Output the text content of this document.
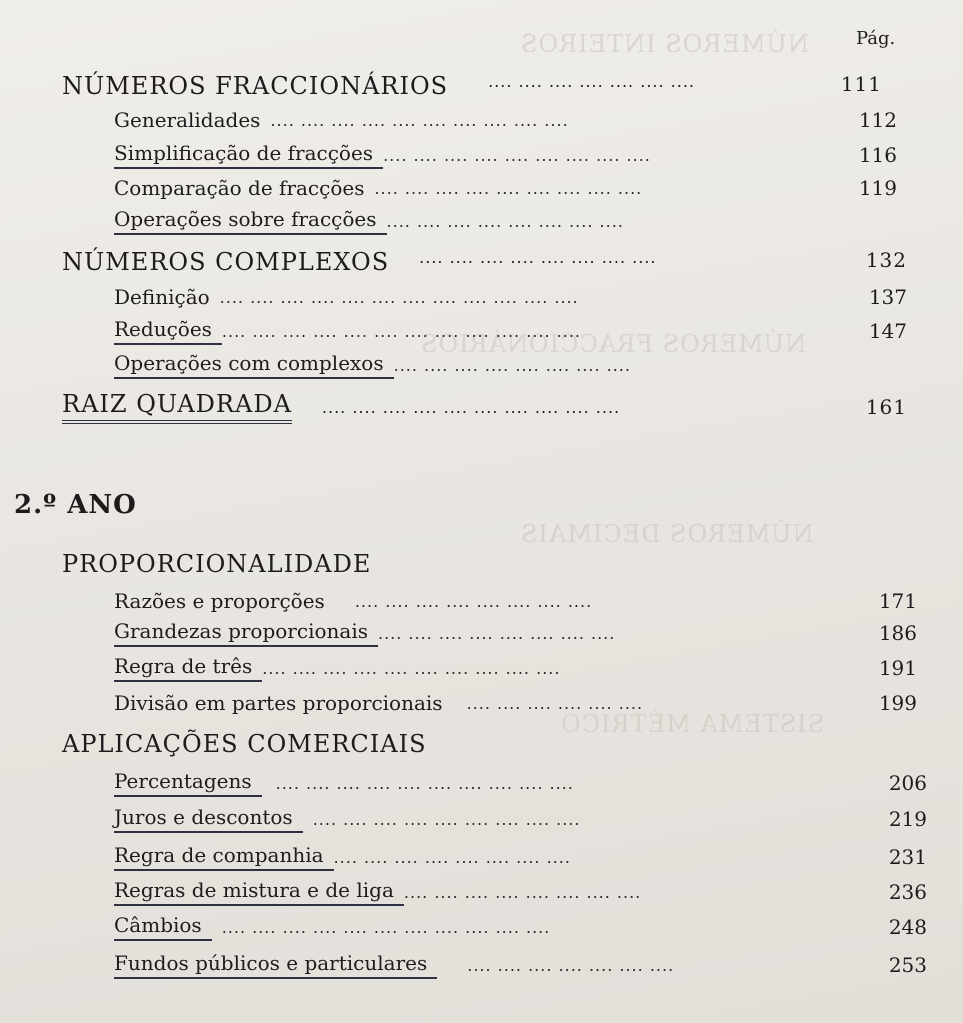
NÚMEROS INTEIROS
NÚMEROS FRACCIONÁRIOS
NÚMEROS DECIMAIS
SISTEMA MÉTRICO
Pág.
NÚMEROS FRACCIONÁRIOS	.... .... .... .... .... .... ....	111
Generalidades .... .... .... .... .... .... .... .... .... ....	112
Simplificação de fracções .... .... .... .... .... .... .... .... ....	116
Comparação de fracções .... .... .... .... .... .... .... .... ....	119
Operações sobre fracções .... .... .... .... .... .... .... ....
NÚMEROS COMPLEXOS	.... .... .... .... .... .... .... ....	132
Definição .... .... .... .... .... .... .... .... .... .... .... ....	137
Reduções .... .... .... .... .... .... .... .... .... .... .... ....	147
Operações com complexos .... .... .... .... .... .... .... ....
RAIZ QUADRADA	.... .... .... .... .... .... .... .... .... ....	161
2.º ANO
PROPORCIONALIDADE
Razões e proporções	.... .... .... .... .... .... .... ....	171
Grandezas proporcionais .... .... .... .... .... .... .... ....	186
Regra de três .... .... .... .... .... .... .... .... .... ....	191
Divisão em partes proporcionais	.... .... .... .... .... ....	199
APLICAÇÕES COMERCIAIS
Percentagens	.... .... .... .... .... .... .... .... .... ....	206
Juros e descontos	.... .... .... .... .... .... .... .... ....	219
Regra de companhia .... .... .... .... .... .... .... ....	231
Regras de mistura e de liga .... .... .... .... .... .... .... ....	236
Câmbios	.... .... .... .... .... .... .... .... .... .... ....	248
Fundos públicos e particulares	.... .... .... .... .... .... ....	253
